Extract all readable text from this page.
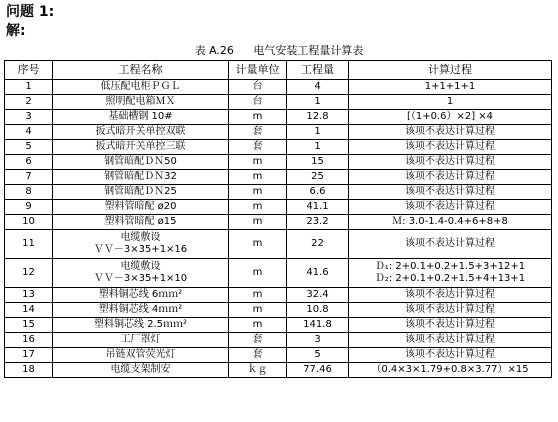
问题 1:
解:
表 A.26 电气安装工程量计算表
序号	工程名称	计量单位	工程量	计算过程
1	低压配电柜ＰＧＬ	台	4	1+1+1+1

2	照明配电箱ＭＸ	台	1	1

3	基础槽钢 10#	m	12.8	[（1+0.6）×2] ×4

4	扳式暗开关单控双联	套	1	该项不表达计算过程

5	扳式暗开关单控三联	套	1	该项不表达计算过程

6	钢管暗配ＤＮ50	m	15	该项不表达计算过程

7	钢管暗配ＤＮ32	m	25	该项不表达计算过程

8	钢管暗配ＤＮ25	m	6.6	该项不表达计算过程

9	塑料管暗配 ø20	m	41.1	该项不表达计算过程

10	塑料管暗配 ø15	m	23.2	Ｍ: 3.0-1.4-0.4+6+8+8

11	电缆敷设
ＶＶ－3×35+1×16	m	22	该项不表达计算过程

12	电缆敷设
ＶＶ－3×35+1×10	m	41.6	Ｄ₁: 2+0.1+0.2+1.5+3+12+1
Ｄ₂: 2+0.1+0.2+1.5+4+13+1

13	塑料铜芯线 6ｍｍ²	m	32.4	该项不表达计算过程

14	塑料铜芯线 4ｍｍ²	m	10.8	该项不表达计算过程

15	塑料铜芯线 2.5ｍｍ²	m	141.8	该项不表达计算过程

16	工厂罩灯	套	3	该项不表达计算过程

17	吊链双管荧光灯	套	5	该项不表达计算过程

18	电缆支架制安	ｋｇ	77.46	（0.4×3×1.79+0.8×3.77）×15
